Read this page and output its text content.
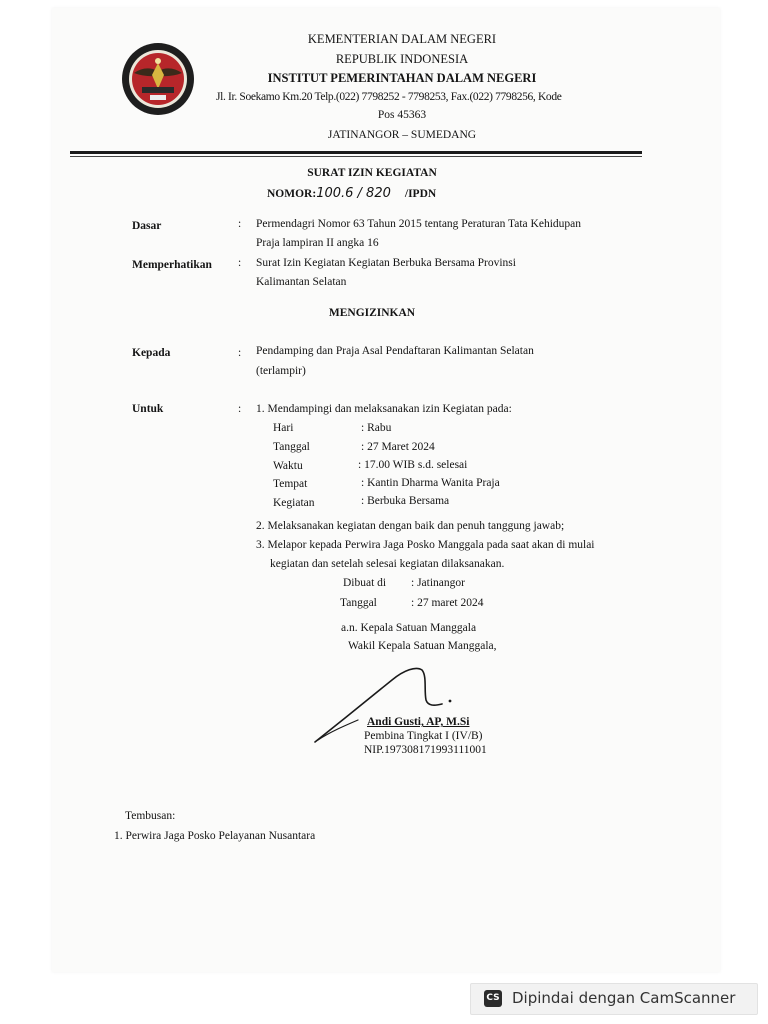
KEMENTERIAN DALAM NEGERI
REPUBLIK INDONESIA
INSTITUT PEMERINTAHAN DALAM NEGERI
Jl. Ir. Soekamo Km.20 Telp.(022) 7798252 - 7798253, Fax.(022) 7798256, Kode
Pos 45363
JATINANGOR – SUMEDANG
SURAT IZIN KEGIATAN
NOMOR:100.6 / 820 /IPDN
Dasar	: Permendagri Nomor 63 Tahun 2015 tentang Peraturan Tata Kehidupan
Praja lampiran II angka 16
Memperhatikan : Surat Izin Kegiatan Kegiatan Berbuka Bersama Provinsi
Kalimantan Selatan
MENGIZINKAN
Kepada	: Pendamping dan Praja Asal Pendaftaran Kalimantan Selatan
(terlampir)
Untuk	: 1. Mendampingi dan melaksanakan izin Kegiatan pada:
Hari	: Rabu
Tanggal	: 27 Maret 2024
Waktu	: 17.00 WIB s.d. selesai
Tempat	: Kantin Dharma Wanita Praja
Kegiatan	: Berbuka Bersama
2. Melaksanakan kegiatan dengan baik dan penuh tanggung jawab;
3. Melapor kepada Perwira Jaga Posko Manggala pada saat akan di mulai
kegiatan dan setelah selesai kegiatan dilaksanakan.
Dibuat di : Jatinangor
Tanggal	: 27 maret 2024
a.n. Kepala Satuan Manggala
Wakil Kepala Satuan Manggala,
Andi Gusti, AP, M.Si
Pembina Tingkat I (IV/B)
NIP.197308171993111001
Tembusan:
1. Perwira Jaga Posko Pelayanan Nusantara
CS Dipindai dengan CamScanner
